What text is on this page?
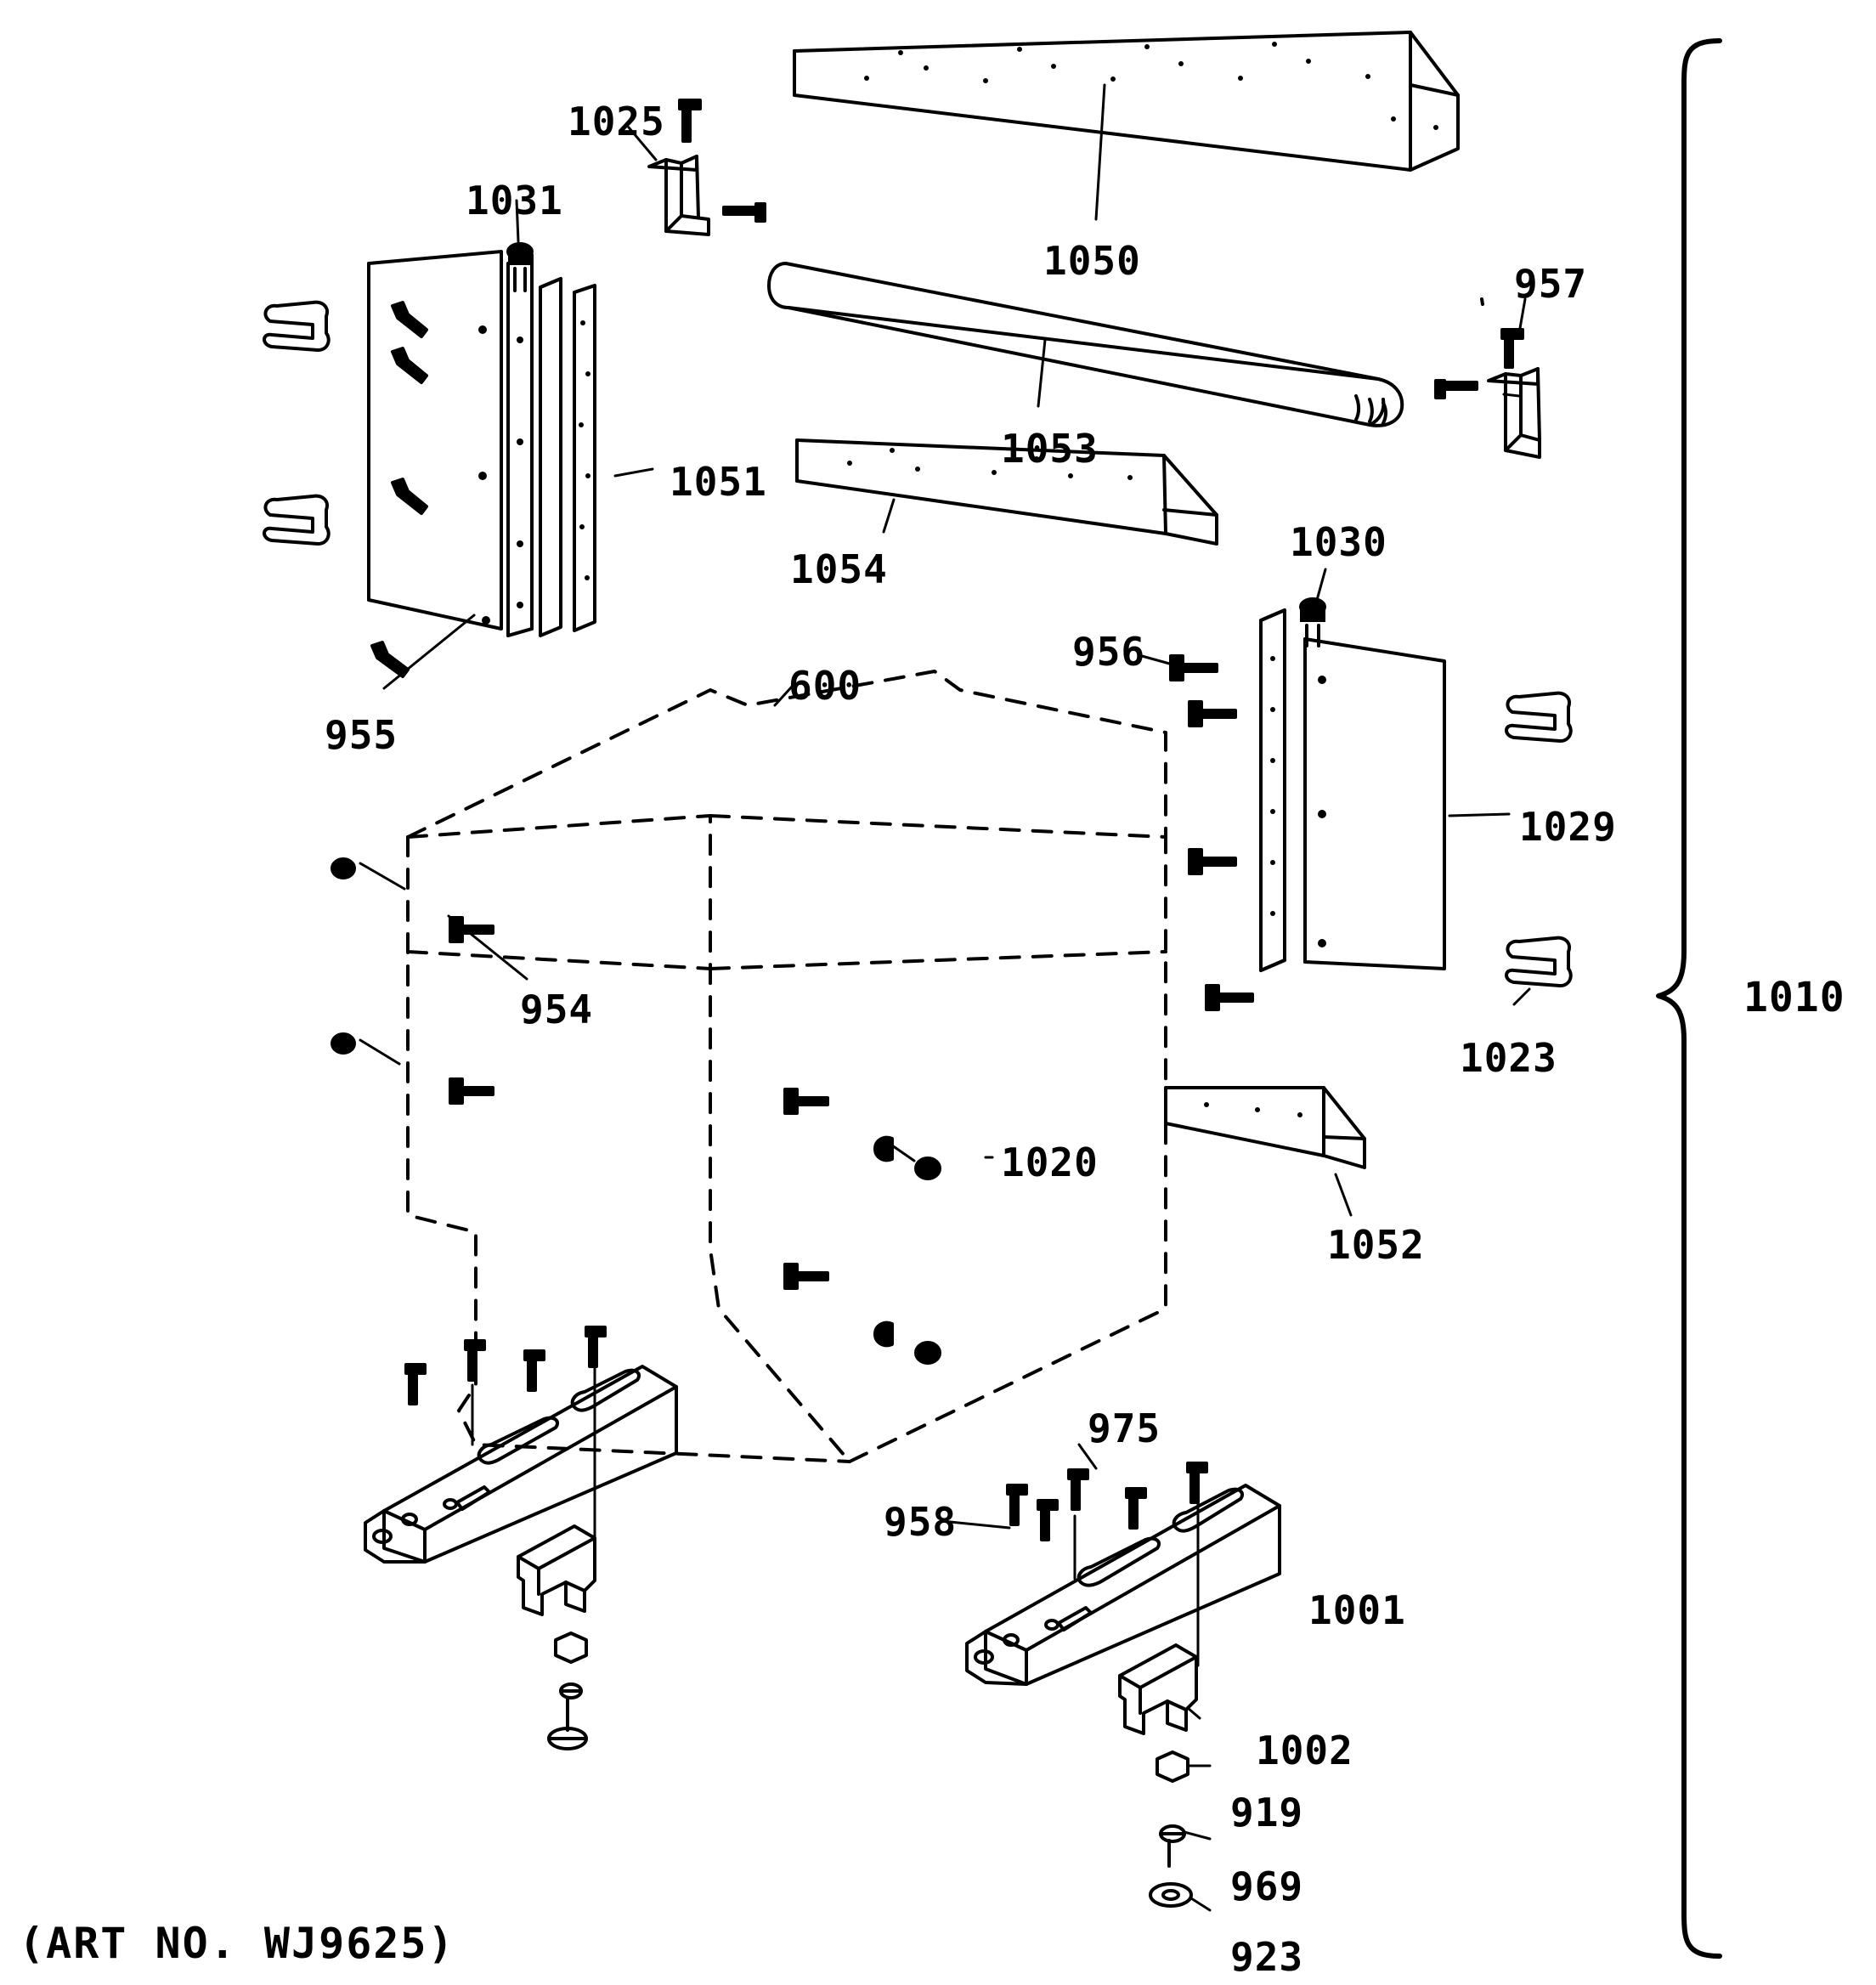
1025
1031
1050	957
1053
1051
1054
1030
956
955
600
1029
1023
954
1020
1052
975
958
1001
1002
919
969
923
1010
(ART NO. WJ9625)
